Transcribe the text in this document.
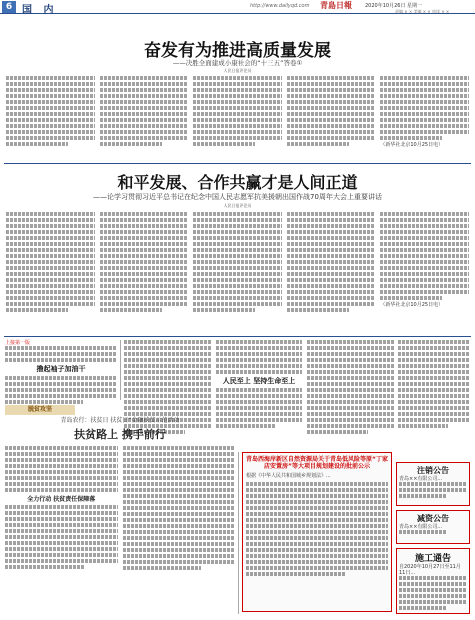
6 国 内	http://www.dailyqd.com 青島日報	2020年10月26日 星期一
责编 × × 美编 × × 审读 × ×
奋发有为推进高质量发展
——决胜全面建成小康社会的“十三五”答卷①
人民日报评论员
（新华社北京10月25日电）
和平发展、合作共赢才是人间正道
——论学习贯彻习近平总书记在纪念中国人民志愿军抗美援朝出国作战70周年大会上重要讲话
人民日报评论员
（新华社北京10月25日电）
上接第一版
撸起袖子加油干
人民至上 坚持生命至上
脱贫攻坚
青岛农行：扶贫日 扶贫日“金融扶贫示范活动
扶贫路上 携手前行
全力行动 扶贫责任保障落
青岛西海岸新区自然资源局关于青岛低风险等原“丁家店安置房”等大项目规划建设的批前公示
根据《中华人民共和国城乡规划法》...
注销公告
青岛××有限公司...
减资公告
青岛××有限公司...
施工通告
自2020年10月27日至11月11日...
